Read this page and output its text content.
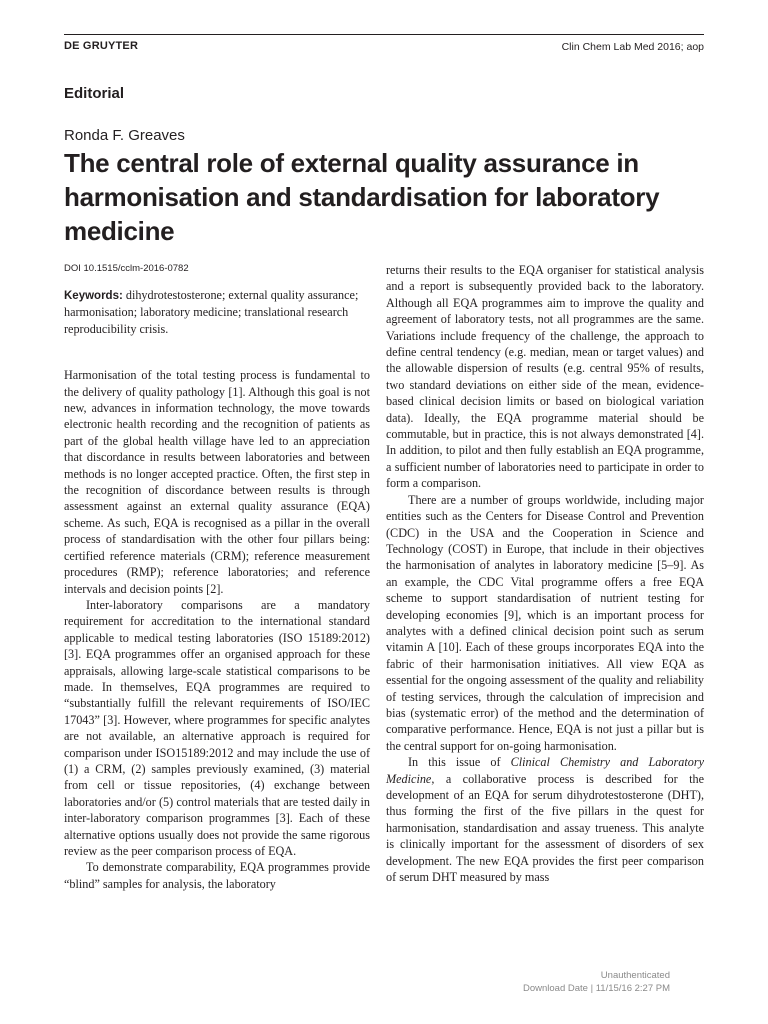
DE GRUYTER	Clin Chem Lab Med 2016; aop
Editorial
Ronda F. Greaves
The central role of external quality assurance in harmonisation and standardisation for laboratory medicine
DOI 10.1515/cclm-2016-0782
Keywords: dihydrotestosterone; external quality assurance; harmonisation; laboratory medicine; translational research reproducibility crisis.

Harmonisation of the total testing process is fundamental to the delivery of quality pathology [1]. Although this goal is not new, advances in information technology, the move towards electronic health recording and the recognition of patients as part of the global health village have led to an appreciation that discordance in results between laboratories and between methods is no longer accepted practice. Often, the first step in the recognition of discordance between results is through assessment against an external quality assurance (EQA) scheme. As such, EQA is recognised as a pillar in the overall process of standardisation with the other four pillars being: certified reference materials (CRM); reference measurement procedures (RMP); reference laboratories; and reference intervals and decision points [2].

Inter-laboratory comparisons are a mandatory requirement for accreditation to the international standard applicable to medical testing laboratories (ISO 15189:2012) [3]. EQA programmes offer an organised approach for these appraisals, allowing large-scale statistical comparisons to be made. In themselves, EQA programmes are required to “substantially fulfill the relevant requirements of ISO/IEC 17043” [3]. However, where programmes for specific analytes are not available, an alternative approach is required for comparison under ISO15189:2012 and may include the use of (1) a CRM, (2) samples previously examined, (3) material from cell or tissue repositories, (4) exchange between laboratories and/or (5) control materials that are tested daily in inter-laboratory comparison programmes [3]. Each of these alternative options usually does not provide the same rigorous review as the peer comparison process of EQA.

To demonstrate comparability, EQA programmes provide “blind” samples for analysis, the laboratory

returns their results to the EQA organiser for statistical analysis and a report is subsequently provided back to the laboratory. Although all EQA programmes aim to improve the quality and agreement of laboratory tests, not all programmes are the same. Variations include frequency of the challenge, the approach to define central tendency (e.g. median, mean or target values) and the allowable dispersion of results (e.g. central 95% of results, two standard deviations on either side of the mean, evidence-based clinical decision limits or based on biological variation data). Ideally, the EQA programme material should be commutable, but in practice, this is not always demonstrated [4]. In addition, to pilot and then fully establish an EQA programme, a sufficient number of laboratories need to participate in order to form a comparison.

There are a number of groups worldwide, including major entities such as the Centers for Disease Control and Prevention (CDC) in the USA and the Cooperation in Science and Technology (COST) in Europe, that include in their objectives the harmonisation of analytes in laboratory medicine [5–9]. As an example, the CDC Vital programme offers a free EQA scheme to support standardisation of nutrient testing for developing economies [9], which is an important process for analytes with a defined clinical decision point such as serum vitamin A [10]. Each of these groups incorporates EQA into the fabric of their harmonisation initiatives. All view EQA as essential for the ongoing assessment of the quality and reliability of testing services, through the calculation of imprecision and bias (systematic error) of the method and the determination of comparative performance. Hence, EQA is not just a pillar but is the central support for on-going harmonisation.

In this issue of Clinical Chemistry and Laboratory Medicine, a collaborative process is described for the development of an EQA for serum dihydrotestosterone (DHT), thus forming the first of the five pillars in the quest for harmonisation, standardisation and assay trueness. This analyte is clinically important for the assessment of disorders of sex development. The new EQA provides the first peer comparison of serum DHT measured by mass

Unauthenticated
Download Date | 11/15/16 2:27 PM
